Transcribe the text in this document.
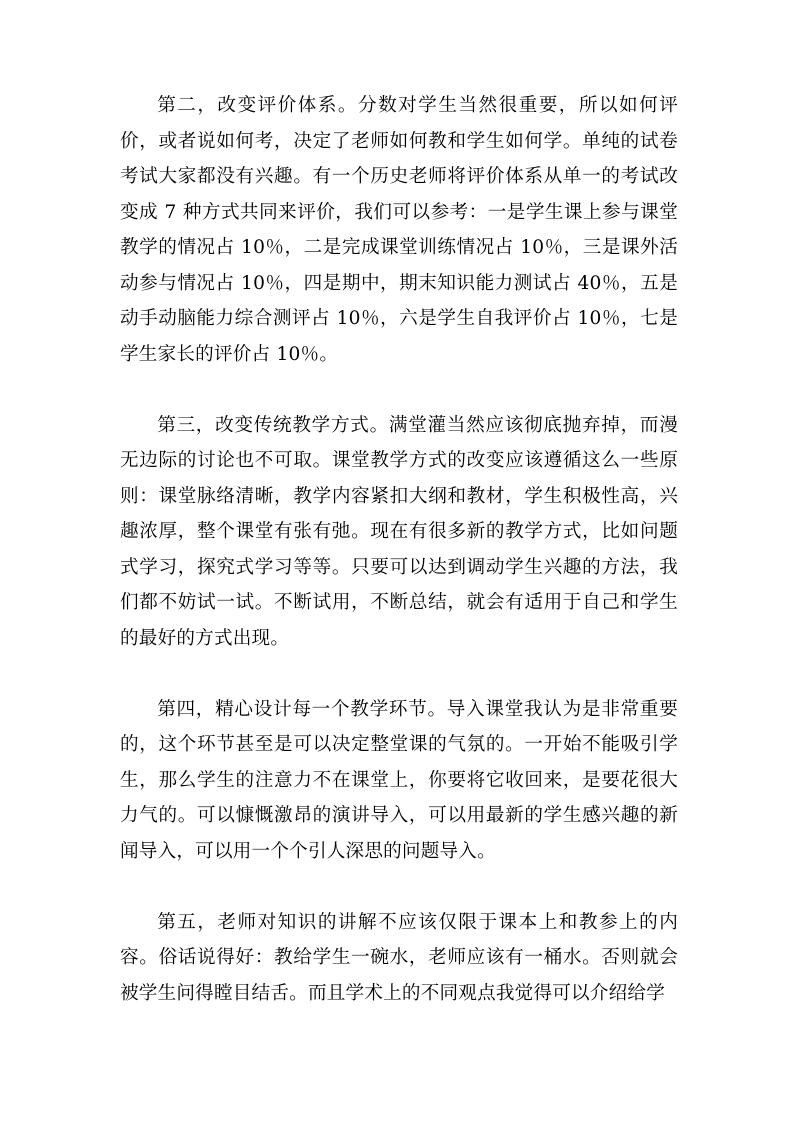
第二，改变评价体系。分数对学生当然很重要，所以如何评价，或者说如何考，决定了老师如何教和学生如何学。单纯的试卷考试大家都没有兴趣。有一个历史老师将评价体系从单一的考试改变成 7 种方式共同来评价，我们可以参考：一是学生课上参与课堂教学的情况占 10％，二是完成课堂训练情况占 10％，三是课外活动参与情况占 10％，四是期中，期末知识能力测试占 40％，五是动手动脑能力综合测评占 10％，六是学生自我评价占 10％，七是学生家长的评价占 10％。

第三，改变传统教学方式。满堂灌当然应该彻底抛弃掉，而漫无边际的讨论也不可取。课堂教学方式的改变应该遵循这么一些原则：课堂脉络清晰，教学内容紧扣大纲和教材，学生积极性高，兴趣浓厚，整个课堂有张有弛。现在有很多新的教学方式，比如问题式学习，探究式学习等等。只要可以达到调动学生兴趣的方法，我们都不妨试一试。不断试用，不断总结，就会有适用于自己和学生的最好的方式出现。

第四，精心设计每一个教学环节。导入课堂我认为是非常重要的，这个环节甚至是可以决定整堂课的气氛的。一开始不能吸引学生，那么学生的注意力不在课堂上，你要将它收回来，是要花很大力气的。可以慷慨激昂的演讲导入，可以用最新的学生感兴趣的新闻导入，可以用一个个引人深思的问题导入。

第五，老师对知识的讲解不应该仅限于课本上和教参上的内容。俗话说得好：教给学生一碗水，老师应该有一桶水。否则就会被学生问得瞠目结舌。而且学术上的不同观点我觉得可以介绍给学
